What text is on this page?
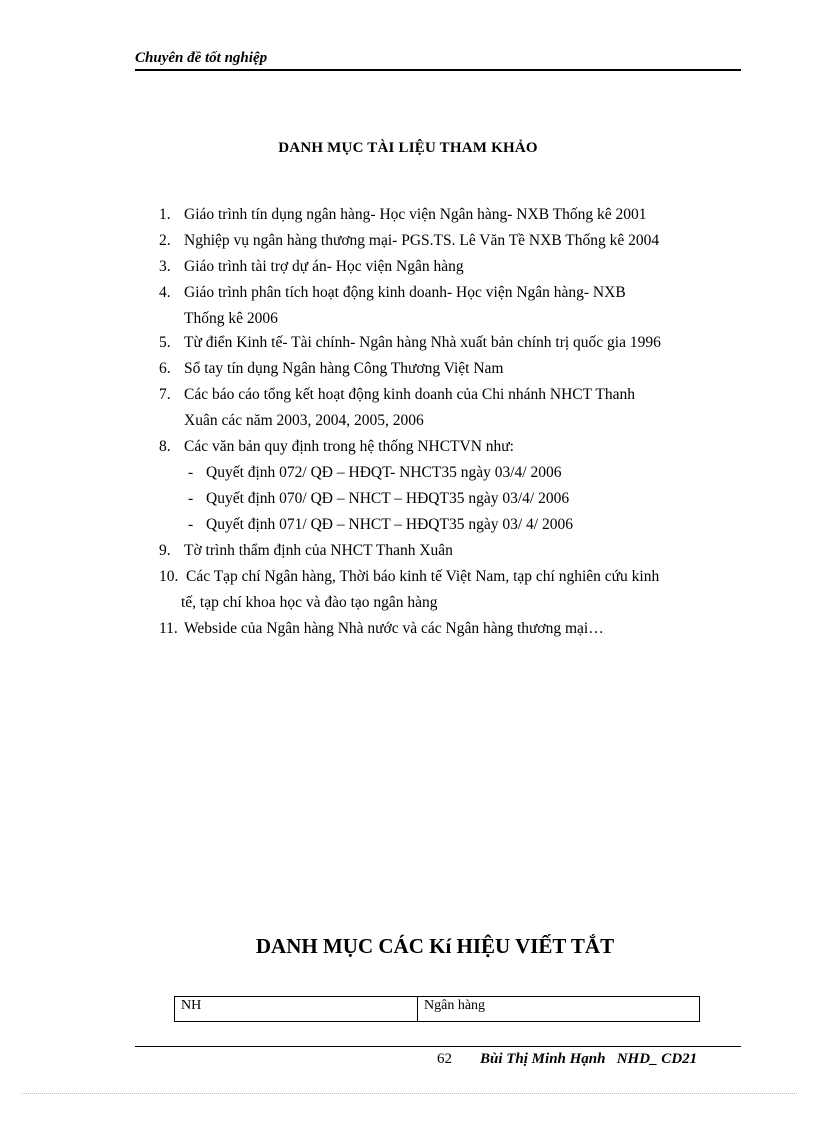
Chuyên đề tốt nghiệp
DANH MỤC TÀI LIỆU THAM KHẢO
1. Giáo trình tín dụng ngân hàng- Học viện Ngân hàng- NXB Thống kê 2001
2. Nghiệp vụ ngân hàng thương mại- PGS.TS. Lê Văn Tề NXB Thống kê 2004
3. Giáo trình tài trợ dự án- Học viện Ngân hàng
4. Giáo trình phân tích hoạt động kinh doanh- Học viện Ngân hàng- NXB
Thống kê 2006
5. Từ điển Kinh tế- Tài chính- Ngân hàng Nhà xuất bản chính trị quốc gia 1996
6. Sổ tay tín dụng Ngân hàng Công Thương Việt Nam
7. Các báo cáo tổng kết hoạt động kinh doanh của Chi nhánh NHCT Thanh
Xuân các năm 2003, 2004, 2005, 2006
8. Các văn bản quy định trong hệ thống NHCTVN như:
- Quyết định 072/ QĐ – HĐQT- NHCT35 ngày 03/4/ 2006
- Quyết định 070/ QĐ – NHCT – HĐQT35 ngày 03/4/ 2006
- Quyết định 071/ QĐ – NHCT – HĐQT35 ngày 03/ 4/ 2006
9. Tờ trình thẩm định của NHCT Thanh Xuân
10. Các Tạp chí Ngân hàng, Thời báo kinh tế Việt Nam, tạp chí nghiên cứu kinh
tế, tạp chí khoa học và đào tạo ngân hàng
11. Webside của Ngân hàng Nhà nước và các Ngân hàng thương mại…
DANH MỤC CÁC Kí HIỆU VIẾT TẮT
NH	Ngân hàng
62 Bùi Thị Minh Hạnh   NHD_ CD21
